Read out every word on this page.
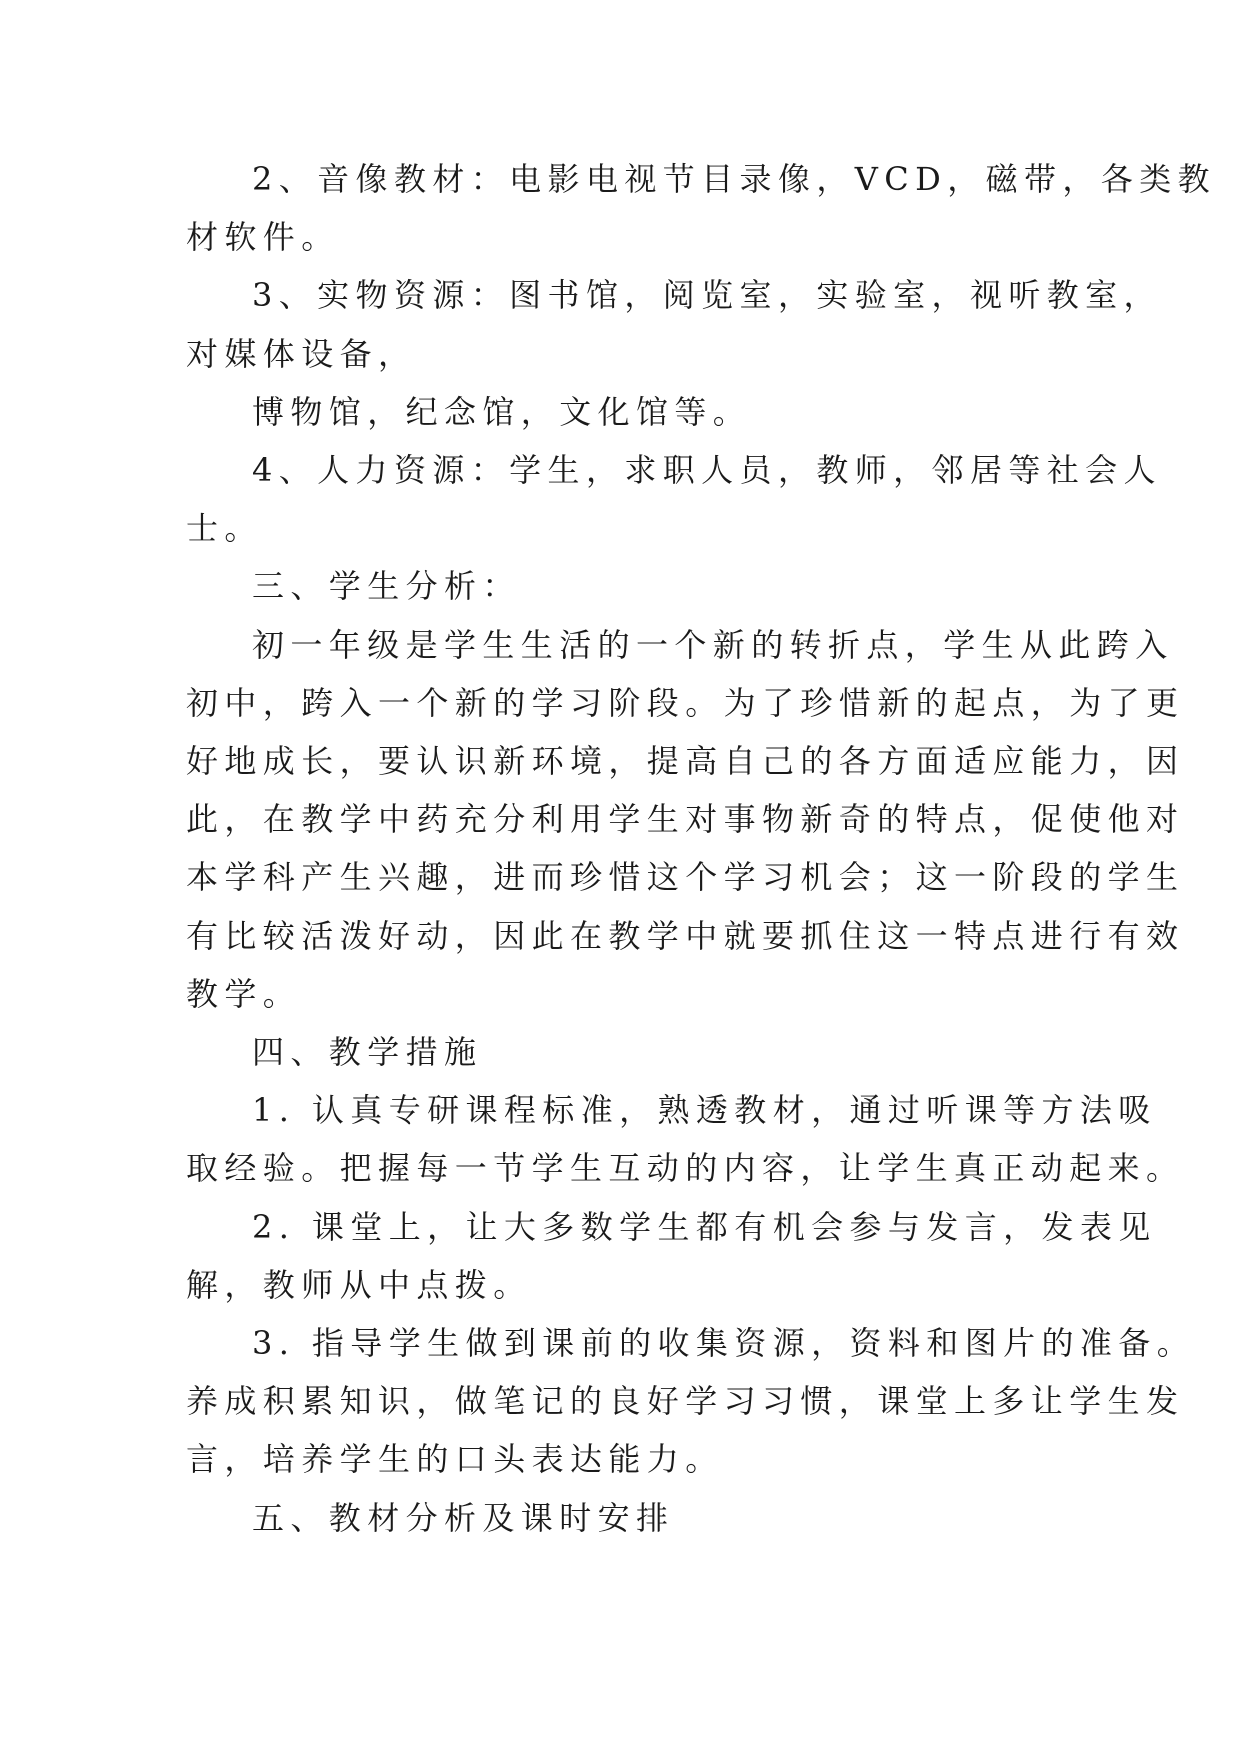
2、音像教材：电影电视节目录像，VCD，磁带，各类教
材软件。
3、实物资源：图书馆，阅览室，实验室，视听教室，
对媒体设备，
博物馆，纪念馆，文化馆等。
4、人力资源：学生，求职人员，教师，邻居等社会人
士。
三、学生分析：
初一年级是学生生活的一个新的转折点，学生从此跨入
初中，跨入一个新的学习阶段。为了珍惜新的起点，为了更
好地成长，要认识新环境，提高自己的各方面适应能力，因
此，在教学中药充分利用学生对事物新奇的特点，促使他对
本学科产生兴趣，进而珍惜这个学习机会；这一阶段的学生
有比较活泼好动，因此在教学中就要抓住这一特点进行有效
教学。
四、教学措施
1. 认真专研课程标准，熟透教材，通过听课等方法吸
取经验。把握每一节学生互动的内容，让学生真正动起来。
2. 课堂上，让大多数学生都有机会参与发言，发表见
解，教师从中点拨。
3. 指导学生做到课前的收集资源，资料和图片的准备。
养成积累知识，做笔记的良好学习习惯，课堂上多让学生发
言，培养学生的口头表达能力。
五、教材分析及课时安排
